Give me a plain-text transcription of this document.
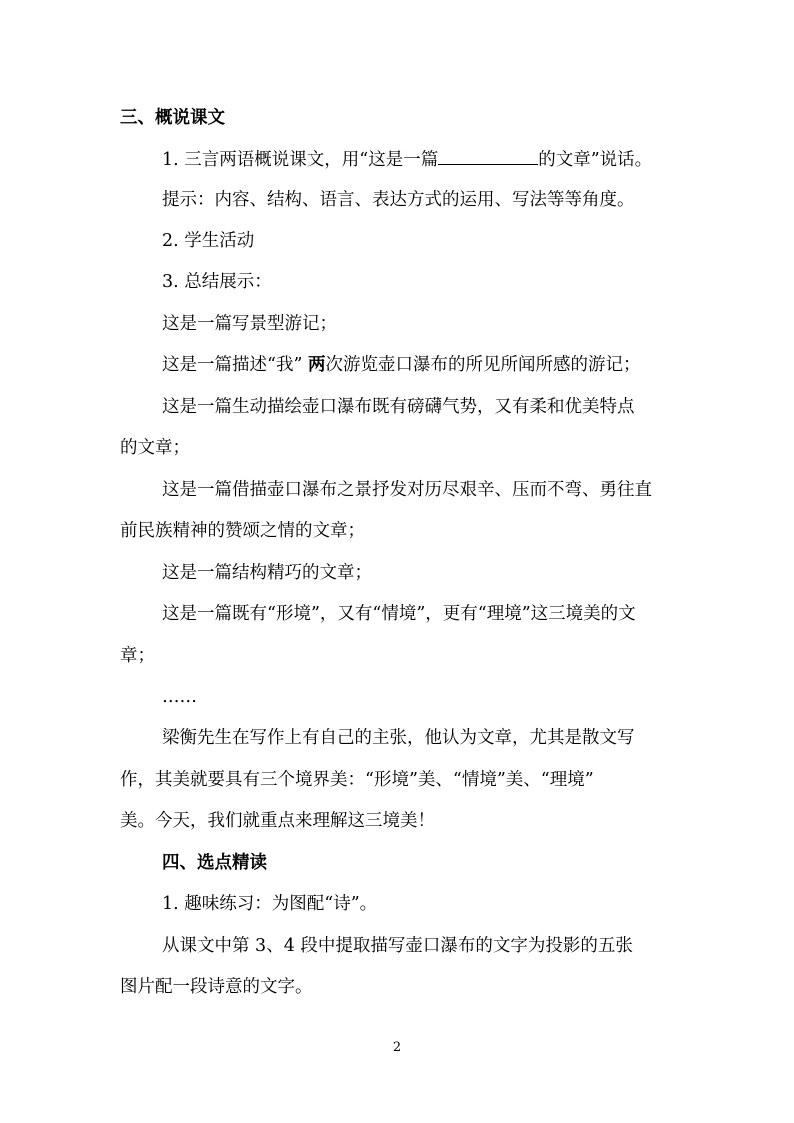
三、概说课文
1. 三言两语概说课文，用“这是一篇	的文章”说话。
提示：内容、结构、语言、表达方式的运用、写法等等角度。
2. 学生活动
3. 总结展示：
这是一篇写景型游记；
这是一篇描述“我” 两次游览壶口瀑布的所见所闻所感的游记；
这是一篇生动描绘壶口瀑布既有磅礴气势，又有柔和优美特点
的文章；
这是一篇借描壶口瀑布之景抒发对历尽艰辛、压而不弯、勇往直
前民族精神的赞颂之情的文章；
这是一篇结构精巧的文章；
这是一篇既有“形境”，又有“情境”，更有“理境”这三境美的文
章；
……
梁衡先生在写作上有自己的主张，他认为文章，尤其是散文写
作，其美就要具有三个境界美：“形境”美、“情境”美、“理境”
美。今天，我们就重点来理解这三境美！
四、选点精读
1. 趣味练习：为图配“诗”。
从课文中第 3、4 段中提取描写壶口瀑布的文字为投影的五张
图片配一段诗意的文字。
2
